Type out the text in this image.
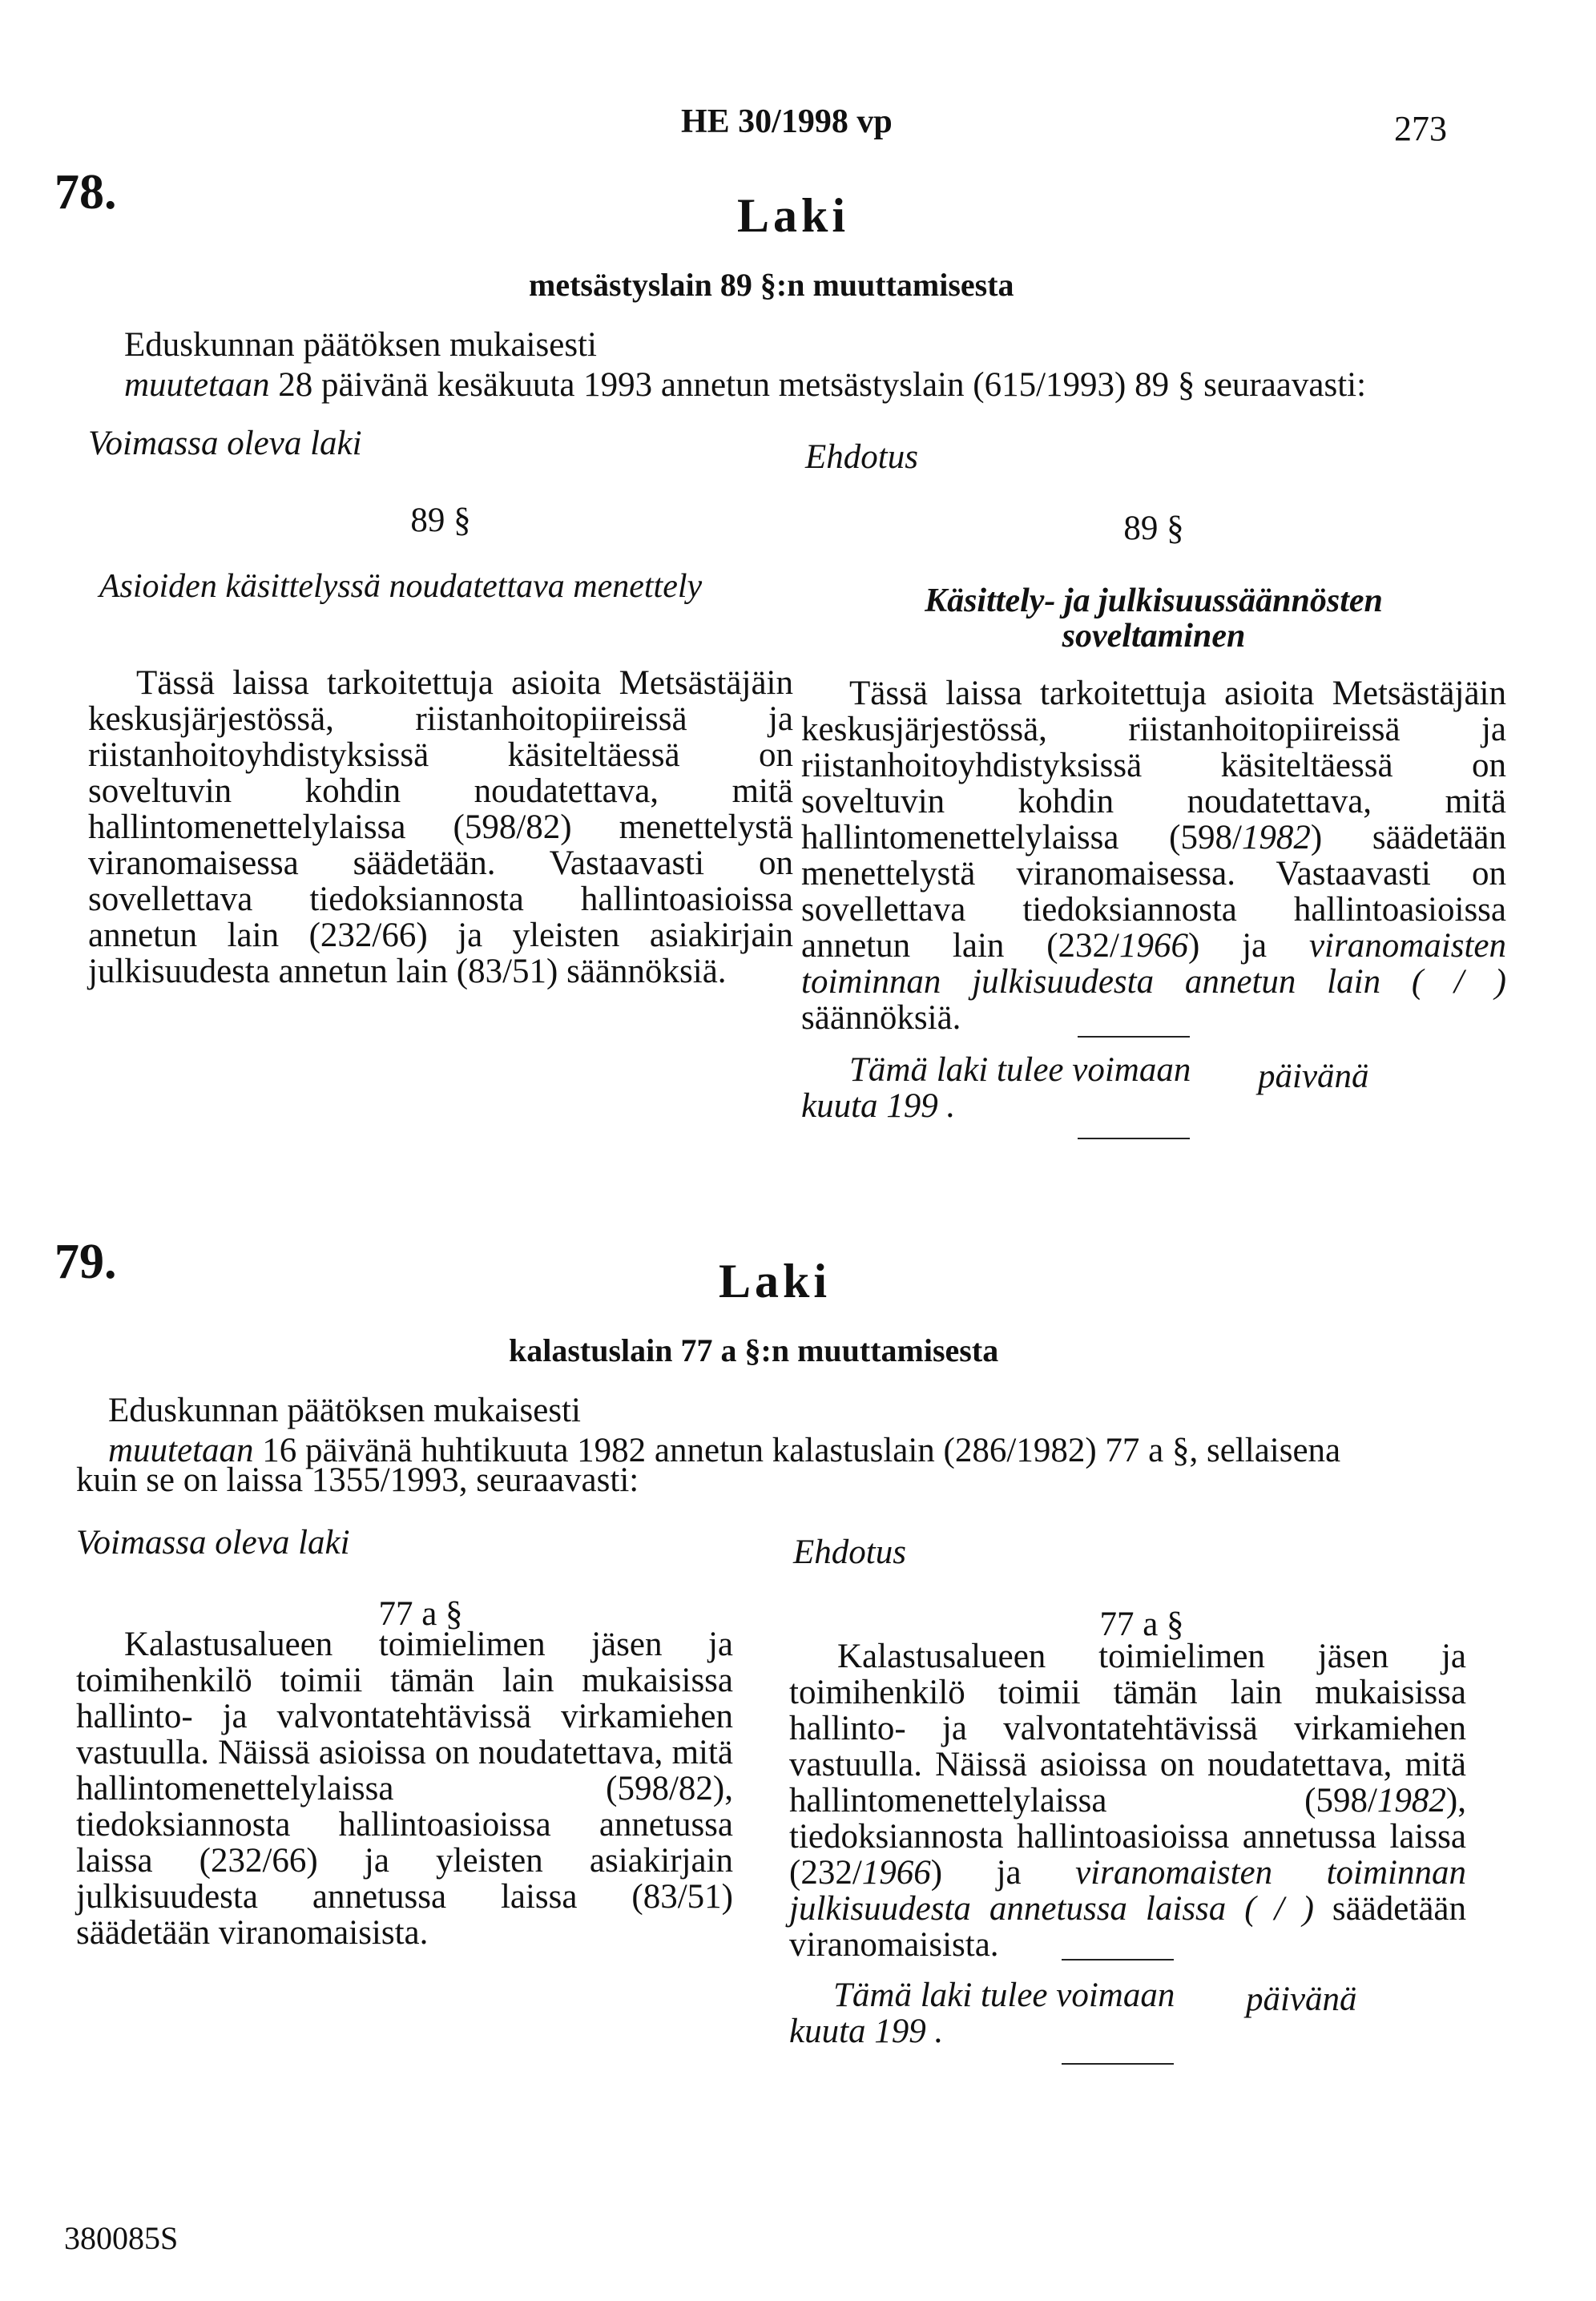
HE 30/1998 vp	273
78.	Laki
metsästyslain 89 §:n muuttamisesta
Eduskunnan päätöksen mukaisesti
muutetaan 28 päivänä kesäkuuta 1993 annetun metsästyslain (615/1993) 89 § seuraavasti:
Voimassa oleva laki	Ehdotus
89 §	89 §
Asioiden käsittelyssä noudatettava menettely	Käsittely- ja julkisuussäännösten soveltaminen

Tässä laissa tarkoitettuja asioita Metsästäjäin keskusjärjestössä, riistanhoitopiireissä ja riistanhoitoyhdistyksissä käsiteltäessä on soveltuvin kohdin noudatettava, mitä hallintomenettelylaissa (598/82) menettelystä viranomaisessa säädetään. Vastaavasti on sovellettava tiedoksiannosta hallintoasioissa annetun lain (232/66) ja yleisten asiakirjain julkisuudesta annetun lain (83/51) säännöksiä.

Tässä laissa tarkoitettuja asioita Metsästäjäin keskusjärjestössä, riistanhoitopiireissä ja riistanhoitoyhdistyksissä käsiteltäessä on soveltuvin kohdin noudatettava, mitä hallintomenettelylaissa (598/1982) säädetään menettelystä viranomaisessa. Vastaavasti on sovellettava tiedoksiannosta hallintoasioissa annetun lain (232/1966) ja viranomaisten toiminnan julkisuudesta annetun lain ( / ) säännöksiä.

Tämä laki tulee voimaan päivänä
kuuta 199 .
79.	Laki
kalastuslain 77 a §:n muuttamisesta
Eduskunnan päätöksen mukaisesti
muutetaan 16 päivänä huhtikuuta 1982 annetun kalastuslain (286/1982) 77 a §, sellaisena
kuin se on laissa 1355/1993, seuraavasti:
Voimassa oleva laki	Ehdotus
77 a §	77 a §

Kalastusalueen toimielimen jäsen ja toimihenkilö toimii tämän lain mukaisissa hallinto- ja valvontatehtävissä virkamiehen vastuulla. Näissä asioissa on noudatettava, mitä hallintomenettelylaissa (598/82), tiedoksiannosta hallintoasioissa annetussa laissa (232/66) ja yleisten asiakirjain julkisuudesta annetussa laissa (83/51) säädetään viranomaisista.

Kalastusalueen toimielimen jäsen ja toimihenkilö toimii tämän lain mukaisissa hallinto- ja valvontatehtävissä virkamiehen vastuulla. Näissä asioissa on noudatettava, mitä hallintomenettelylaissa (598/1982), tiedoksiannosta hallintoasioissa annetussa laissa (232/1966) ja viranomaisten toiminnan julkisuudesta annetussa laissa ( / ) säädetään viranomaisista.

Tämä laki tulee voimaan päivänä
kuuta 199 .
380085S
